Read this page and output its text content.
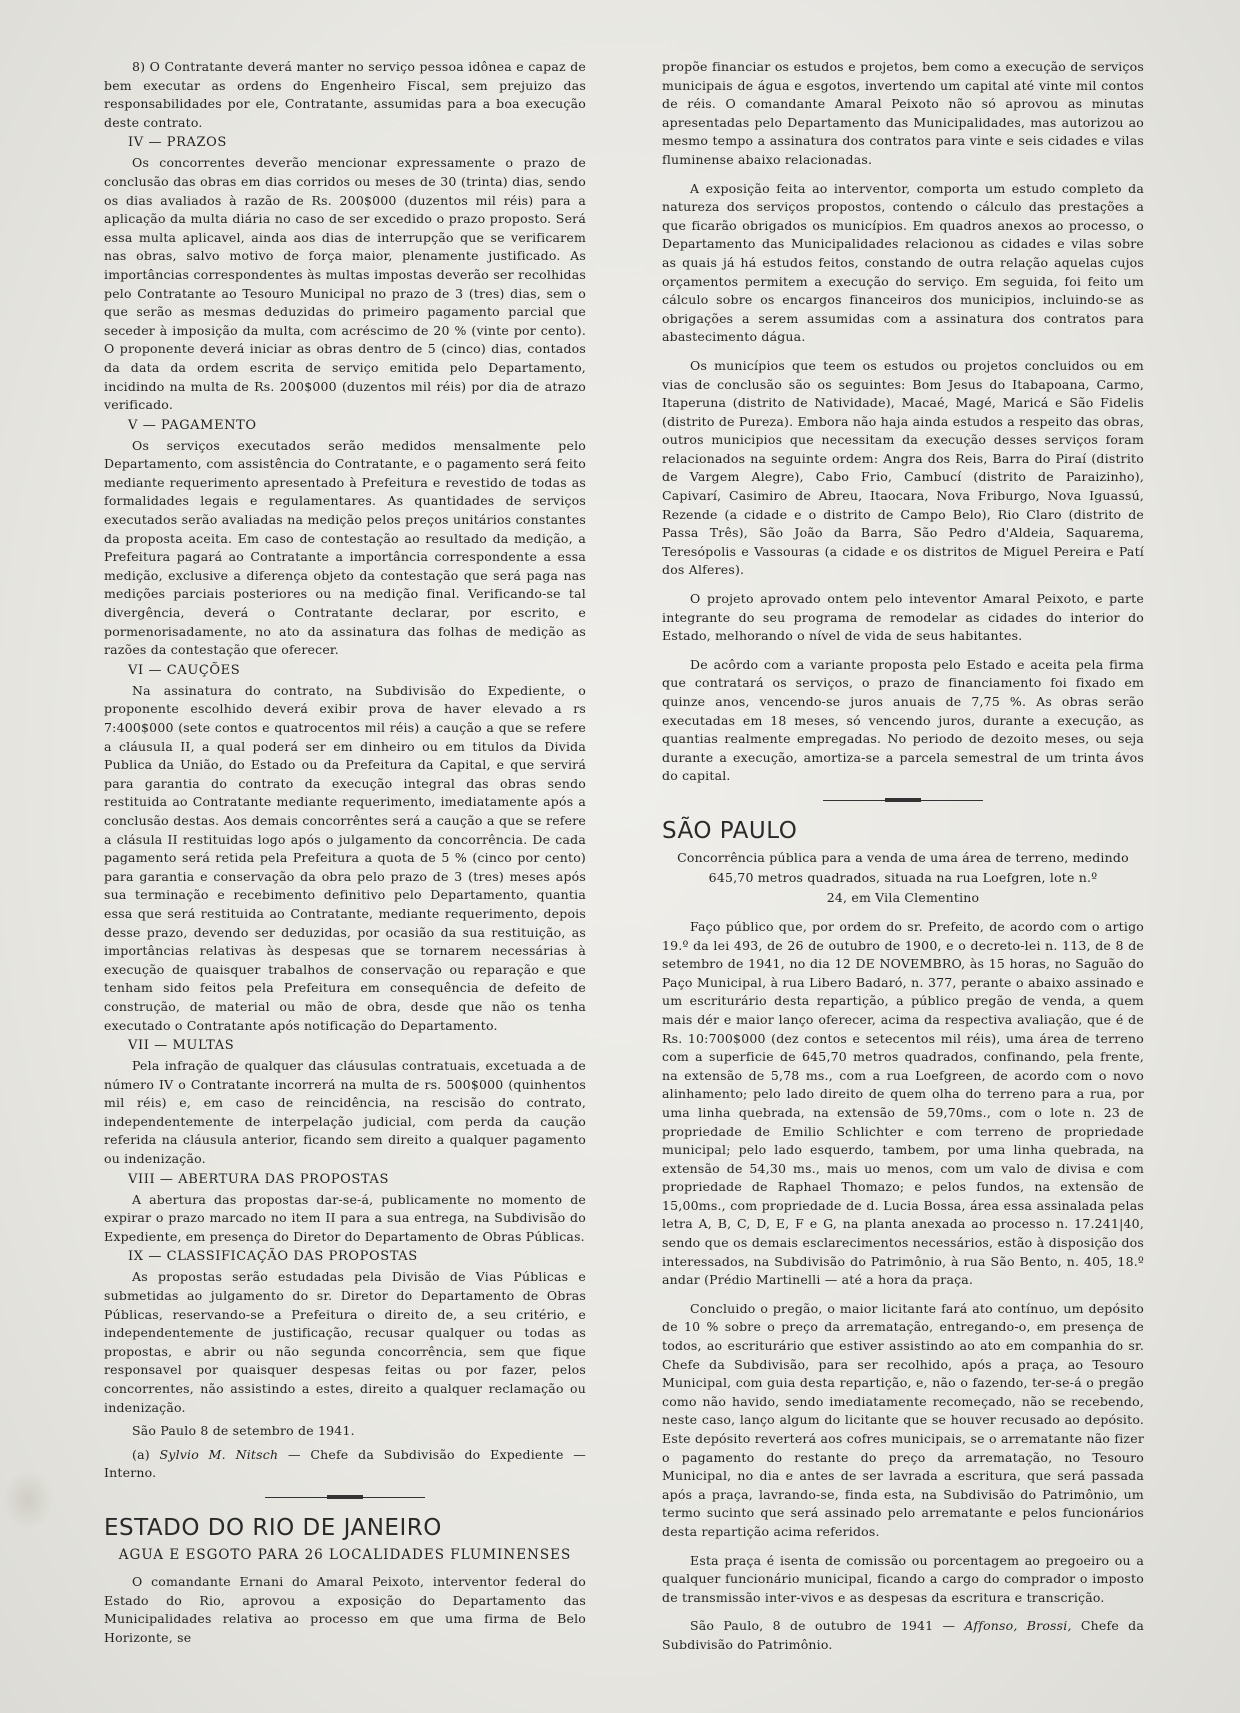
8) O Contratante deverá manter no serviço pessoa idônea e capaz de bem executar as ordens do Engenheiro Fiscal, sem prejuizo das responsabilidades por ele, Contratante, assumidas para a boa execução deste contrato.

IV — PRAZOS

Os concorrentes deverão mencionar expressamente o prazo de conclusão das obras em dias corridos ou meses de 30 (trinta) dias, sendo os dias avaliados à razão de Rs. 200$000 (duzentos mil réis) para a aplicação da multa diária no caso de ser excedido o prazo proposto. Será essa multa aplicavel, ainda aos dias de interrupção que se verificarem nas obras, salvo motivo de força maior, plenamente justificado. As importâncias correspondentes às multas impostas deverão ser recolhidas pelo Contratante ao Tesouro Municipal no prazo de 3 (tres) dias, sem o que serão as mesmas deduzidas do primeiro pagamento parcial que seceder à imposição da multa, com acréscimo de 20 % (vinte por cento). O proponente deverá iniciar as obras dentro de 5 (cinco) dias, contados da data da ordem escrita de serviço emitida pelo Departamento, incidindo na multa de Rs. 200$000 (duzentos mil réis) por dia de atrazo verificado.

V — PAGAMENTO

Os serviços executados serão medidos mensalmente pelo Departamento, com assistência do Contratante, e o pagamento será feito mediante requerimento apresentado à Prefeitura e revestido de todas as formalidades legais e regulamentares. As quantidades de serviços executados serão avaliadas na medição pelos preços unitários constantes da proposta aceita. Em caso de contestação ao resultado da medição, a Prefeitura pagará ao Contratante a importância correspondente a essa medição, exclusive a diferença objeto da contestação que será paga nas medições parciais posteriores ou na medição final. Verificando-se tal divergência, deverá o Contratante declarar, por escrito, e pormenorisadamente, no ato da assinatura das folhas de medição as razões da contestação que oferecer.

VI — CAUÇÕES

Na assinatura do contrato, na Subdivisão do Expediente, o proponente escolhido deverá exibir prova de haver elevado a rs 7:400$000 (sete contos e quatrocentos mil réis) a caução a que se refere a cláusula II, a qual poderá ser em dinheiro ou em titulos da Divida Publica da União, do Estado ou da Prefeitura da Capital, e que servirá para garantia do contrato da execução integral das obras sendo restituida ao Contratante mediante requerimento, imediatamente após a conclusão destas. Aos demais concorrêntes será a caução a que se refere a clásula II restituidas logo após o julgamento da concorrência. De cada pagamento será retida pela Prefeitura a quota de 5 % (cinco por cento) para garantia e conservação da obra pelo prazo de 3 (tres) meses após sua terminação e recebimento definitivo pelo Departamento, quantia essa que será restituida ao Contratante, mediante requerimento, depois desse prazo, devendo ser deduzidas, por ocasião da sua restituição, as importâncias relativas às despesas que se tornarem necessárias à execução de quaisquer trabalhos de conservação ou reparação e que tenham sido feitos pela Prefeitura em consequência de defeito de construção, de material ou mão de obra, desde que não os tenha executado o Contratante após notificação do Departamento.

VII — MULTAS

Pela infração de qualquer das cláusulas contratuais, excetuada a de número IV o Contratante incorrerá na multa de rs. 500$000 (quinhentos mil réis) e, em caso de reincidência, na rescisão do contrato, independentemente de interpelação judicial, com perda da caução referida na cláusula anterior, ficando sem direito a qualquer pagamento ou indenização.

VIII — ABERTURA DAS PROPOSTAS

A abertura das propostas dar-se-á, publicamente no momento de expirar o prazo marcado no item II para a sua entrega, na Subdivisão do Expediente, em presença do Diretor do Departamento de Obras Públicas.

IX — CLASSIFICAÇÃO DAS PROPOSTAS

As propostas serão estudadas pela Divisão de Vias Públicas e submetidas ao julgamento do sr. Diretor do Departamento de Obras Públicas, reservando-se a Prefeitura o direito de, a seu critério, e independentemente de justificação, recusar qualquer ou todas as propostas, e abrir ou não segunda concorrência, sem que fique responsavel por quaisquer despesas feitas ou por fazer, pelos concorrentes, não assistindo a estes, direito a qualquer reclamação ou indenização.

São Paulo 8 de setembro de 1941.

(a) Sylvio M. Nitsch — Chefe da Subdivisão do Expediente — Interno.

ESTADO DO RIO DE JANEIRO
AGUA E ESGOTO PARA 26 LOCALIDADES FLUMINENSES

O comandante Ernani do Amaral Peixoto, interventor federal do Estado do Rio, aprovou a exposição do Departamento das Municipalidades relativa ao processo em que uma firma de Belo Horizonte, se

propõe financiar os estudos e projetos, bem como a execução de serviços municipais de água e esgotos, invertendo um capital até vinte mil contos de réis. O comandante Amaral Peixoto não só aprovou as minutas apresentadas pelo Departamento das Municipalidades, mas autorizou ao mesmo tempo a assinatura dos contratos para vinte e seis cidades e vilas fluminense abaixo relacionadas.

A exposição feita ao interventor, comporta um estudo completo da natureza dos serviços propostos, contendo o cálculo das prestações a que ficarão obrigados os municípios. Em quadros anexos ao processo, o Departamento das Municipalidades relacionou as cidades e vilas sobre as quais já há estudos feitos, constando de outra relação aquelas cujos orçamentos permitem a execução do serviço. Em seguida, foi feito um cálculo sobre os encargos financeiros dos municipios, incluindo-se as obrigações a serem assumidas com a assinatura dos contratos para abastecimento dágua.

Os municípios que teem os estudos ou projetos concluidos ou em vias de conclusão são os seguintes: Bom Jesus do Itabapoana, Carmo, Itaperuna (distrito de Natividade), Macaé, Magé, Maricá e São Fidelis (distrito de Pureza). Embora não haja ainda estudos a respeito das obras, outros municipios que necessitam da execução desses serviços foram relacionados na seguinte ordem: Angra dos Reis, Barra do Piraí (distrito de Vargem Alegre), Cabo Frio, Cambucí (distrito de Paraizinho), Capivarí, Casimiro de Abreu, Itaocara, Nova Friburgo, Nova Iguassú, Rezende (a cidade e o distrito de Campo Belo), Rio Claro (distrito de Passa Três), São João da Barra, São Pedro d'Aldeia, Saquarema, Teresópolis e Vassouras (a cidade e os distritos de Miguel Pereira e Patí dos Alferes).

O projeto aprovado ontem pelo inteventor Amaral Peixoto, e parte integrante do seu programa de remodelar as cidades do interior do Estado, melhorando o nível de vida de seus habitantes.

De acôrdo com a variante proposta pelo Estado e aceita pela firma que contratará os serviços, o prazo de financiamento foi fixado em quinze anos, vencendo-se juros anuais de 7,75 %. As obras serão executadas em 18 meses, só vencendo juros, durante a execução, as quantias realmente empregadas. No periodo de dezoito meses, ou seja durante a execução, amortiza-se a parcela semestral de um trinta ávos do capital.

SÃO PAULO
Concorrência pública para a venda de uma área de terreno, medindo
645,70 metros quadrados, situada na rua Loefgren, lote n.º
24, em Vila Clementino

Faço público que, por ordem do sr. Prefeito, de acordo com o artigo 19.º da lei 493, de 26 de outubro de 1900, e o decreto-lei n. 113, de 8 de setembro de 1941, no dia 12 DE NOVEMBRO, às 15 horas, no Saguão do Paço Municipal, à rua Libero Badaró, n. 377, perante o abaixo assinado e um escriturário desta repartição, a público pregão de venda, a quem mais dér e maior lanço oferecer, acima da respectiva avaliação, que é de Rs. 10:700$000 (dez contos e setecentos mil réis), uma área de terreno com a superficie de 645,70 metros quadrados, confinando, pela frente, na extensão de 5,78 ms., com a rua Loefgreen, de acordo com o novo alinhamento; pelo lado direito de quem olha do terreno para a rua, por uma linha quebrada, na extensão de 59,70ms., com o lote n. 23 de propriedade de Emilio Schlichter e com terreno de propriedade municipal; pelo lado esquerdo, tambem, por uma linha quebrada, na extensão de 54,30 ms., mais uo menos, com um valo de divisa e com propriedade de Raphael Thomazo; e pelos fundos, na extensão de 15,00ms., com propriedade de d. Lucia Bossa, área essa assinalada pelas letra A, B, C, D, E, F e G, na planta anexada ao processo n. 17.241|40, sendo que os demais esclarecimentos necessários, estão à disposição dos interessados, na Subdivisão do Patrimônio, à rua São Bento, n. 405, 18.º andar (Prédio Martinelli — até a hora da praça.

Concluido o pregão, o maior licitante fará ato contínuo, um depósito de 10 % sobre o preço da arrematação, entregando-o, em presença de todos, ao escriturário que estiver assistindo ao ato em companhia do sr. Chefe da Subdivisão, para ser recolhido, após a praça, ao Tesouro Municipal, com guia desta repartição, e, não o fazendo, ter-se-á o pregão como não havido, sendo imediatamente recomeçado, não se recebendo, neste caso, lanço algum do licitante que se houver recusado ao depósito. Este depósito reverterá aos cofres municipais, se o arrematante não fizer o pagamento do restante do preço da arrematação, no Tesouro Municipal, no dia e antes de ser lavrada a escritura, que será passada após a praça, lavrando-se, finda esta, na Subdivisão do Patrimônio, um termo sucinto que será assinado pelo arrematante e pelos funcionários desta repartição acima referidos.

Esta praça é isenta de comissão ou porcentagem ao pregoeiro ou a qualquer funcionário municipal, ficando a cargo do comprador o imposto de transmissão inter-vivos e as despesas da escritura e transcrição.

São Paulo, 8 de outubro de 1941 — Affonso, Brossi, Chefe da Subdivisão do Patrimônio.
